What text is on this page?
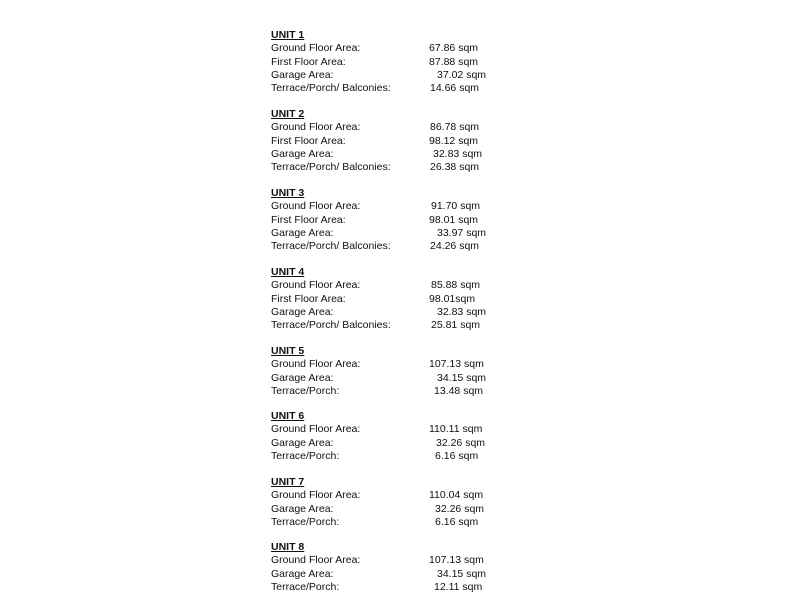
UNIT 1
Ground Floor Area:	67.86 sqm
First Floor Area:	87.88 sqm
Garage Area:	37.02 sqm
Terrace/Porch/ Balconies:	14.66 sqm
UNIT 2
Ground Floor Area:	86.78 sqm
First Floor Area:	98.12 sqm
Garage Area:	32.83 sqm
Terrace/Porch/ Balconies:	26.38 sqm
UNIT 3
Ground Floor Area:	91.70 sqm
First Floor Area:	98.01 sqm
Garage Area:	33.97 sqm
Terrace/Porch/ Balconies:	24.26 sqm
UNIT 4
Ground Floor Area:	85.88 sqm
First Floor Area:	98.01sqm
Garage Area:	32.83 sqm
Terrace/Porch/ Balconies:	25.81 sqm
UNIT 5
Ground Floor Area:	107.13 sqm
Garage Area:	34.15 sqm
Terrace/Porch:	13.48 sqm
UNIT 6
Ground Floor Area:	110.11 sqm
Garage Area:	32.26 sqm
Terrace/Porch:	6.16 sqm
UNIT 7
Ground Floor Area:	110.04 sqm
Garage Area:	32.26 sqm
Terrace/Porch:	6.16 sqm
UNIT 8
Ground Floor Area:	107.13 sqm
Garage Area:	34.15 sqm
Terrace/Porch:	12.11 sqm
